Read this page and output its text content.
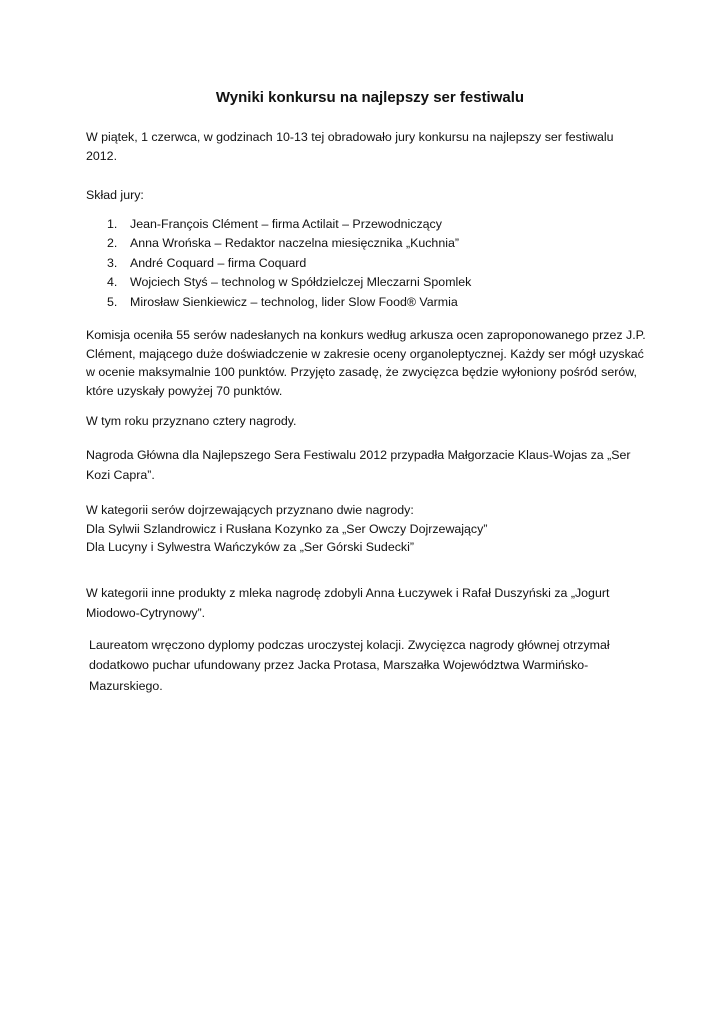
Wyniki konkursu na najlepszy ser festiwalu

W piątek, 1 czerwca, w godzinach 10-13 tej obradowało jury konkursu na najlepszy ser festiwalu 2012.

Skład jury:

1.	Jean-François Clément – firma Actilait – Przewodniczący
2.	Anna Wrońska – Redaktor naczelna miesięcznika „Kuchnia”
3.	André Coquard – firma Coquard
4.	Wojciech Styś – technolog w Spółdzielczej Mleczarni Spomlek
5.	Mirosław Sienkiewicz – technolog, lider Slow Food® Varmia

Komisja oceniła 55 serów nadesłanych na konkurs według arkusza ocen zaproponowanego przez J.P. Clément, mającego duże doświadczenie w zakresie oceny organoleptycznej. Każdy ser mógł uzyskać w ocenie maksymalnie 100 punktów. Przyjęto zasadę, że zwycięzca będzie wyłoniony pośród serów, które uzyskały powyżej 70 punktów.

W tym roku przyznano cztery nagrody.

Nagroda Główna dla Najlepszego Sera Festiwalu 2012 przypadła Małgorzacie Klaus-Wojas za „Ser Kozi Capra”.

W kategorii serów dojrzewających przyznano dwie nagrody:
Dla Sylwii Szlandrowicz i Rusłana Kozynko za „Ser Owczy Dojrzewający”
Dla Lucyny i Sylwestra Wańczyków za „Ser Górski Sudecki”

W kategorii inne produkty z mleka nagrodę zdobyli Anna Łuczywek i Rafał Duszyński za „Jogurt Miodowo-Cytrynowy”.

Laureatom wręczono dyplomy podczas uroczystej kolacji. Zwycięzca nagrody głównej otrzymał dodatkowo puchar ufundowany przez Jacka Protasa, Marszałka Województwa Warmińsko-Mazurskiego.
